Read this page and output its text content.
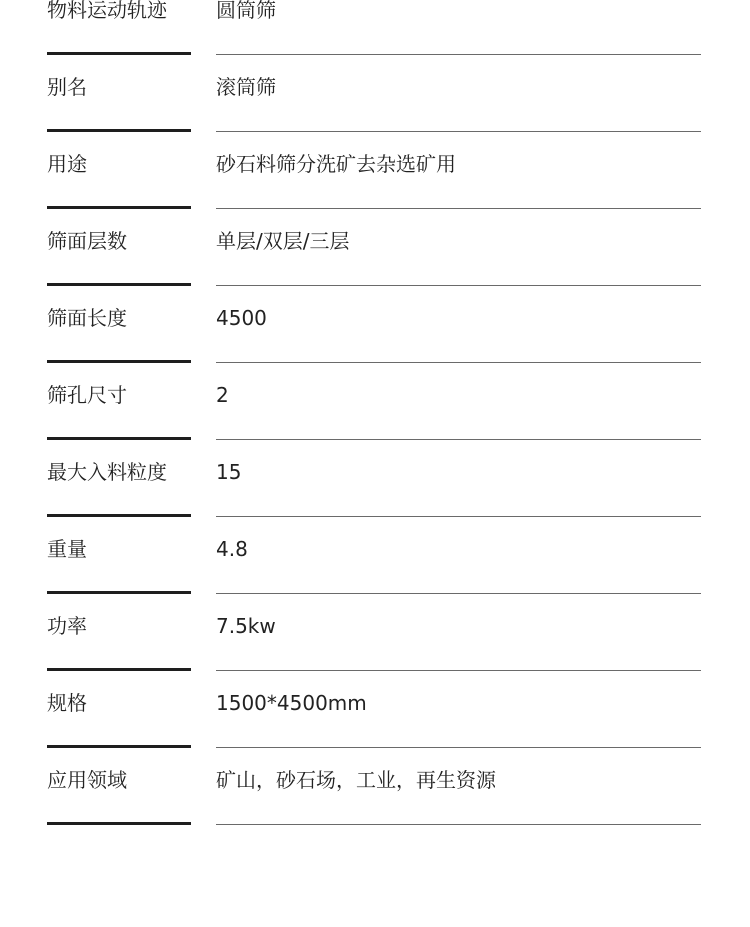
物料运动轨迹 圆筒筛
别名	滚筒筛
用途	砂石料筛分洗矿去杂选矿用
筛面层数	单层/双层/三层
筛面长度	4500
筛孔尺寸	2
最大入料粒度 15
重量	4.8
功率	7.5kw
规格	1500*4500mm
应用领域	矿山，砂石场，工业，再生资源
